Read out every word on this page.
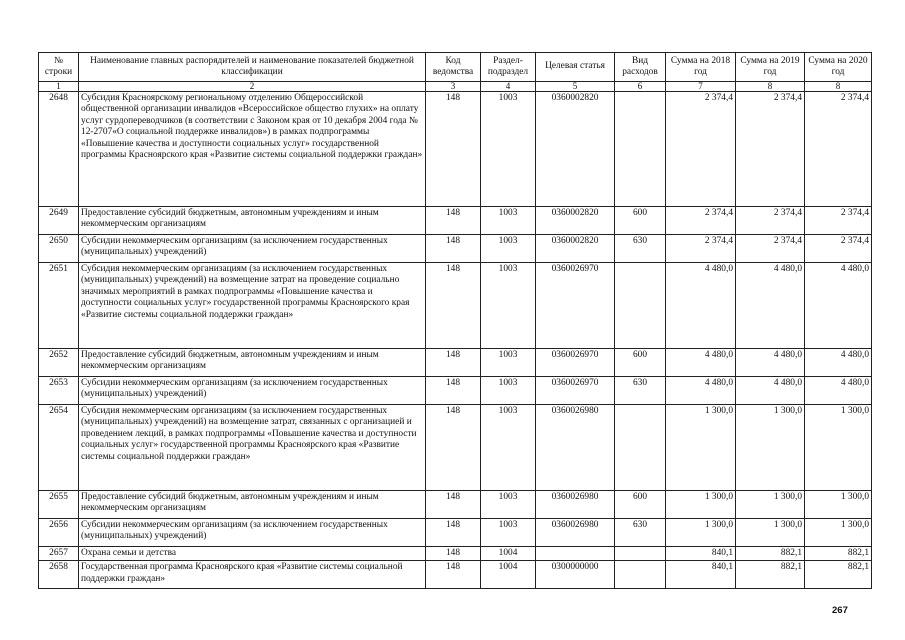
№ строки	Наименование главных распорядителей и наименование показателей бюджетной классификации	Код ведомства	Раздел-подраздел	Целевая статья	Вид расходов	Сумма на 2018 год	Сумма на 2019 год	Сумма на 2020 год
1	2	3	4	5	6	7	8	8
2648	Субсидия Красноярскому региональному отделению Общероссийской общественной организации инвалидов «Всероссийское общество глухих» на оплату услуг сурдопереводчиков (в соответствии с Законом края от 10 декабря 2004 года № 12-2707«О социальной поддержке инвалидов») в рамках подпрограммы «Повышение качества и доступности социальных услуг» государственной программы Красноярского края «Развитие системы социальной поддержки граждан»	148	1003	0360002820		2 374,4	2 374,4	2 374,4
2649	Предоставление субсидий бюджетным, автономным учреждениям и иным некоммерческим организациям	148	1003	0360002820	600	2 374,4	2 374,4	2 374,4
2650	Субсидии некоммерческим организациям (за исключением государственных (муниципальных) учреждений)	148	1003	0360002820	630	2 374,4	2 374,4	2 374,4
2651	Субсидия некоммерческим организациям (за исключением государственных (муниципальных) учреждений) на возмещение затрат на проведение социально значимых мероприятий в рамках подпрограммы «Повышение качества и доступности социальных услуг» государственной программы Красноярского края «Развитие системы социальной поддержки граждан»	148	1003	0360026970		4 480,0	4 480,0	4 480,0
2652	Предоставление субсидий бюджетным, автономным учреждениям и иным некоммерческим организациям	148	1003	0360026970	600	4 480,0	4 480,0	4 480,0
2653	Субсидии некоммерческим организациям (за исключением государственных (муниципальных) учреждений)	148	1003	0360026970	630	4 480,0	4 480,0	4 480,0
2654	Субсидия некоммерческим организациям (за исключением государственных (муниципальных) учреждений) на возмещение затрат, связанных с организацией и проведением лекций, в рамках подпрограммы «Повышение качества и доступности социальных услуг» государственной программы Красноярского края «Развитие системы социальной поддержки граждан»	148	1003	0360026980		1 300,0	1 300,0	1 300,0
2655	Предоставление субсидий бюджетным, автономным учреждениям и иным некоммерческим организациям	148	1003	0360026980	600	1 300,0	1 300,0	1 300,0
2656	Субсидии некоммерческим организациям (за исключением государственных (муниципальных) учреждений)	148	1003	0360026980	630	1 300,0	1 300,0	1 300,0
2657	Охрана семьи и детства	148	1004			840,1	882,1	882,1
2658	Государственная программа Красноярского края «Развитие системы социальной поддержки граждан»	148	1004	0300000000		840,1	882,1	882,1
267
